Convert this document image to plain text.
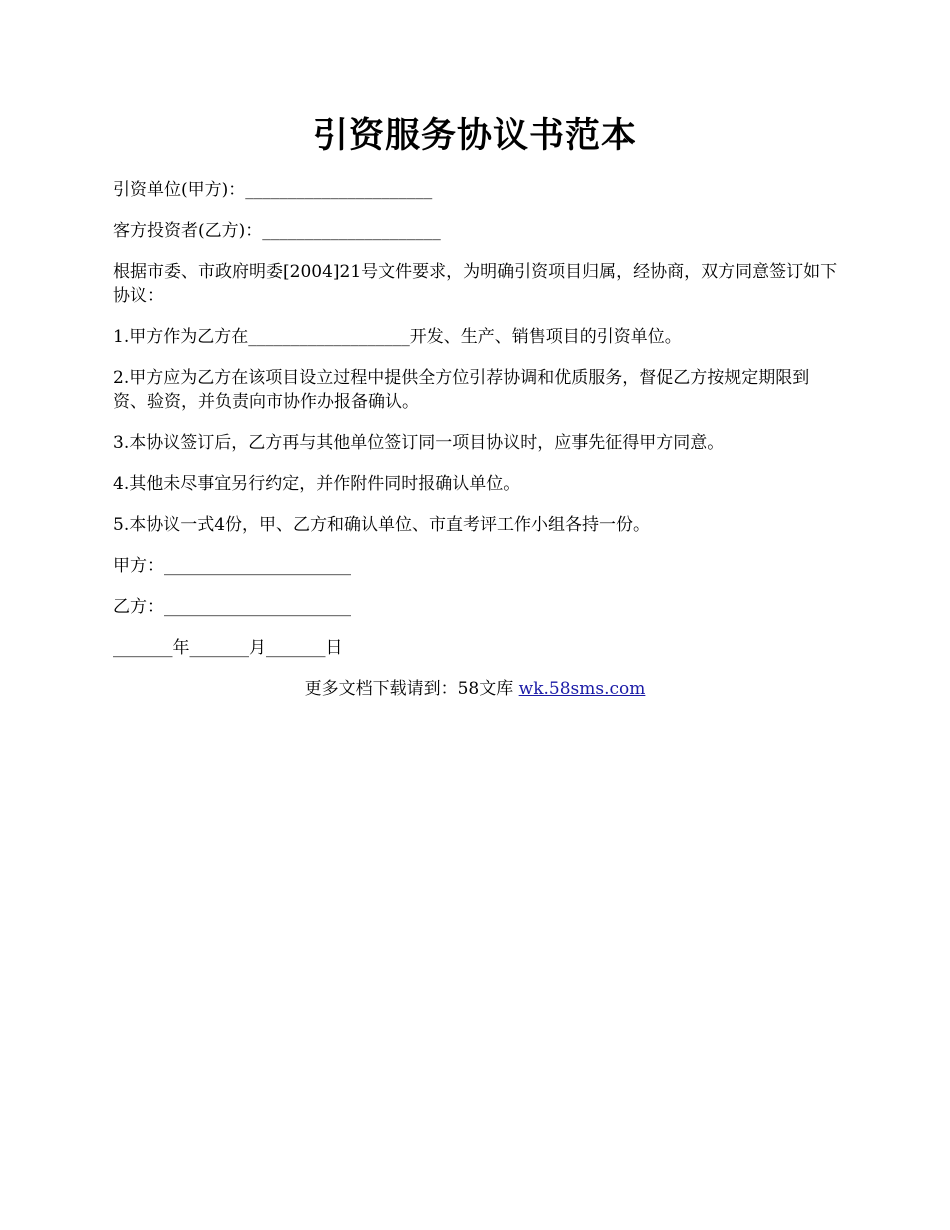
引资服务协议书范本

引资单位(甲方)：______________________

客方投资者(乙方)：_____________________

根据市委、市政府明委[2004]21号文件要求，为明确引资项目归属，经协商，双方同意签订如下协议：

1.甲方作为乙方在___________________开发、生产、销售项目的引资单位。

2.甲方应为乙方在该项目设立过程中提供全方位引荐协调和优质服务，督促乙方按规定期限到资、验资，并负责向市协作办报备确认。

3.本协议签订后，乙方再与其他单位签订同一项目协议时，应事先征得甲方同意。

4.其他未尽事宜另行约定，并作附件同时报确认单位。

5.本协议一式4份，甲、乙方和确认单位、市直考评工作小组各持一份。

甲方：______________________

乙方：______________________

_______年_______月_______日

更多文档下载请到：58文库 wk.58sms.com
